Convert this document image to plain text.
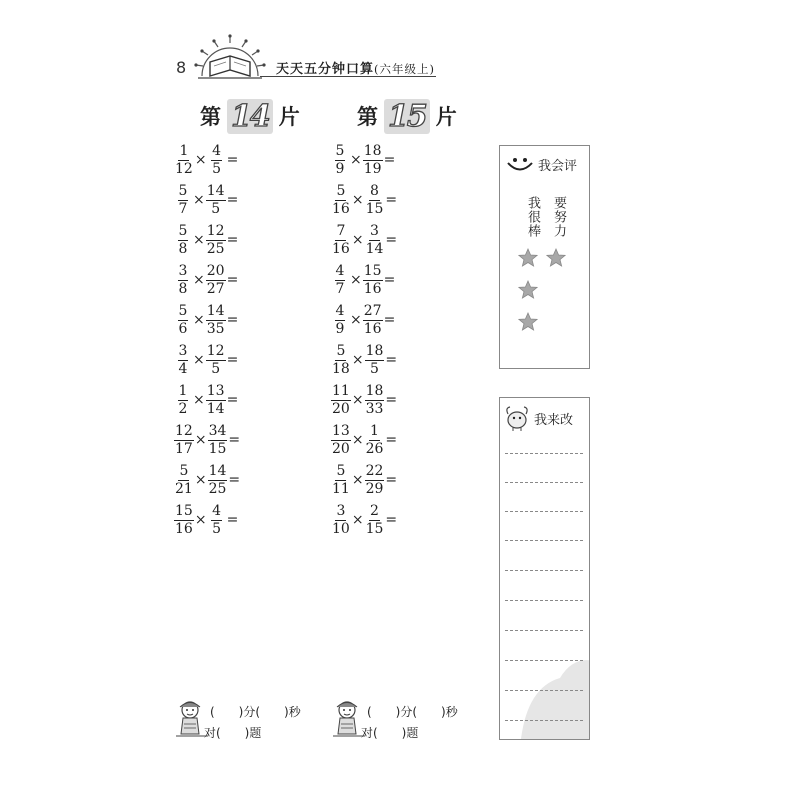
8	天天五分钟口算(六年级上)
第 14 片
$\frac{1}{12} \times \frac{4}{5}$ =
$\frac{5}{7} \times \frac{14}{5}$ =
$\frac{5}{8} \times \frac{12}{25}$ =
$\frac{3}{8} \times \frac{20}{27}$ =
$\frac{5}{6} \times \frac{14}{35}$ =
$\frac{3}{4} \times \frac{12}{5}$ =
$\frac{1}{2} \times \frac{13}{14}$ =
$\frac{12}{17} \times \frac{34}{15}$ =
$\frac{5}{21} \times \frac{14}{25}$ =
$\frac{15}{16} \times \frac{4}{5}$ =
第 15 片
$\frac{5}{9} \times \frac{18}{19}$ =
$\frac{5}{16} \times \frac{8}{15}$ =
$\frac{7}{16} \times \frac{3}{14}$ =
$\frac{4}{7} \times \frac{15}{16}$ =
$\frac{4}{9} \times \frac{27}{16}$ =
$\frac{5}{18} \times \frac{18}{5}$ =
$\frac{11}{20} \times \frac{18}{33}$ =
$\frac{13}{20} \times \frac{1}{26}$ =
$\frac{5}{11} \times \frac{22}{29}$ =
$\frac{3}{10} \times \frac{2}{15}$ =
(　　)分(　　)秒
对(　　)题
(　　)分(　　)秒
对(　　)题
我会评
我很棒 要努力
我来改
